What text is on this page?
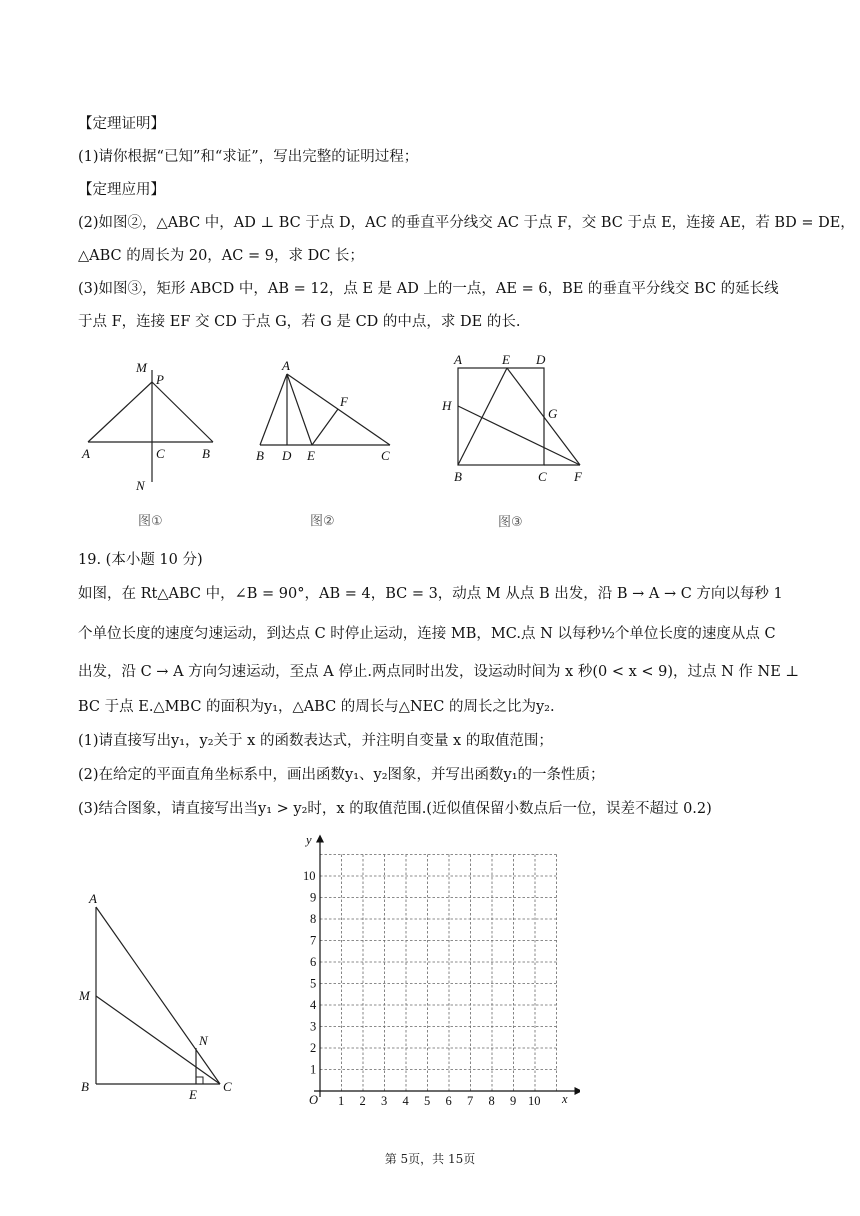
【定理证明】
(1)请你根据“已知”和“求证”，写出完整的证明过程；
【定理应用】
(2)如图②，△ABC 中，AD ⊥ BC 于点 D，AC 的垂直平分线交 AC 于点 F，交 BC 于点 E，连接 AE，若 BD = DE，
△ABC 的周长为 20，AC = 9，求 DC 长；
(3)如图③，矩形 ABCD 中，AB = 12，点 E 是 AD 上的一点，AE = 6，BE 的垂直平分线交 BC 的延长线
于点 F，连接 EF 交 CD 于点 G，若 G 是 CD 的中点，求 DE 的长.
M
P
A	C	B
N
图①
A
F
B D E	C
图②
A	E D
H
G
B	C F
图③
19. (本小题 10 分)
如图，在 Rt△ABC 中，∠B = 90°，AB = 4，BC = 3，动点 M 从点 B 出发，沿 B → A → C 方向以每秒 1
个单位长度的速度匀速运动，到达点 C 时停止运动，连接 MB，MC.点 N 以每秒½个单位长度的速度从点 C
出发，沿 C → A 方向匀速运动，至点 A 停止.两点同时出发，设运动时间为 x 秒(0 < x < 9)，过点 N 作 NE ⊥
BC 于点 E.△MBC 的面积为y₁，△ABC 的周长与△NEC 的周长之比为y₂.
(1)请直接写出y₁，y₂关于 x 的函数表达式，并注明自变量 x 的取值范围；
(2)在给定的平面直角坐标系中，画出函数y₁、y₂图象，并写出函数y₁的一条性质；
(3)结合图象，请直接写出当y₁ > y₂时，x 的取值范围.(近似值保留小数点后一位，误差不超过 0.2)
A
M
N
B
E
C
1 2 3 4 5 6 7 8 9 10
1
2
3
4
5
6
7
8
9
10
O	x
y
第 5页，共 15页
